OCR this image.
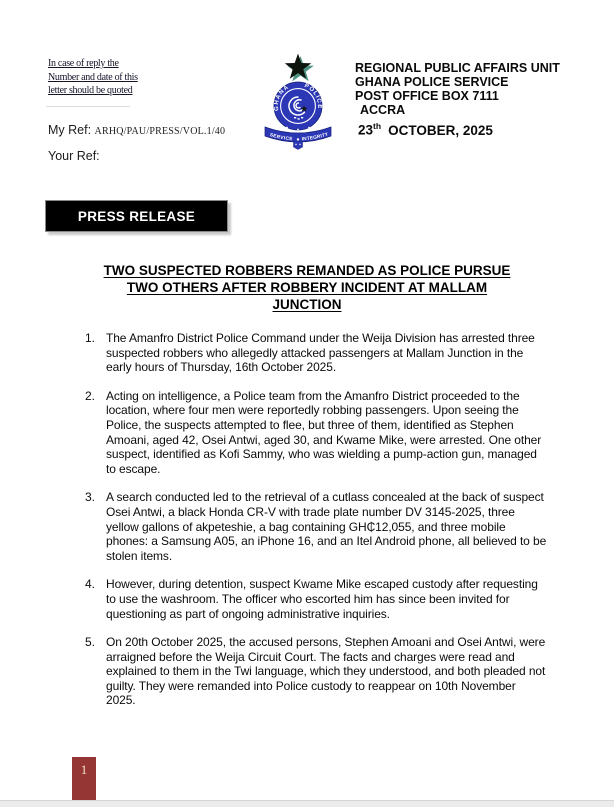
In case of reply the
Number and date of this
letter should be quoted
GHANA POLICE
SERVICE INTEGRITY
REGIONAL PUBLIC AFFAIRS UNIT
GHANA POLICE SERVICE
POST OFFICE BOX 7111
ACCRA
23th OCTOBER, 2025
My Ref: ARHQ/PAU/PRESS/VOL.1/40
Your Ref:
PRESS RELEASE
TWO SUSPECTED ROBBERS REMANDED AS POLICE PURSUE
TWO OTHERS AFTER ROBBERY INCIDENT AT MALLAM
JUNCTION
1. The Amanfro District Police Command under the Weija Division has arrested three suspected robbers who allegedly attacked passengers at Mallam Junction in the early hours of Thursday, 16th October 2025.
2. Acting on intelligence, a Police team from the Amanfro District proceeded to the location, where four men were reportedly robbing passengers. Upon seeing the Police, the suspects attempted to flee, but three of them, identified as Stephen Amoani, aged 42, Osei Antwi, aged 30, and Kwame Mike, were arrested. One other suspect, identified as Kofi Sammy, who was wielding a pump-action gun, managed to escape.
3. A search conducted led to the retrieval of a cutlass concealed at the back of suspect Osei Antwi, a black Honda CR-V with trade plate number DV 3145-2025, three yellow gallons of akpeteshie, a bag containing GH₵12,055, and three mobile phones: a Samsung A05, an iPhone 16, and an Itel Android phone, all believed to be stolen items.
4. However, during detention, suspect Kwame Mike escaped custody after requesting to use the washroom. The officer who escorted him has since been invited for questioning as part of ongoing administrative inquiries.
5. On 20th October 2025, the accused persons, Stephen Amoani and Osei Antwi, were arraigned before the Weija Circuit Court. The facts and charges were read and explained to them in the Twi language, which they understood, and both pleaded not guilty. They were remanded into Police custody to reappear on 10th November 2025.
1
